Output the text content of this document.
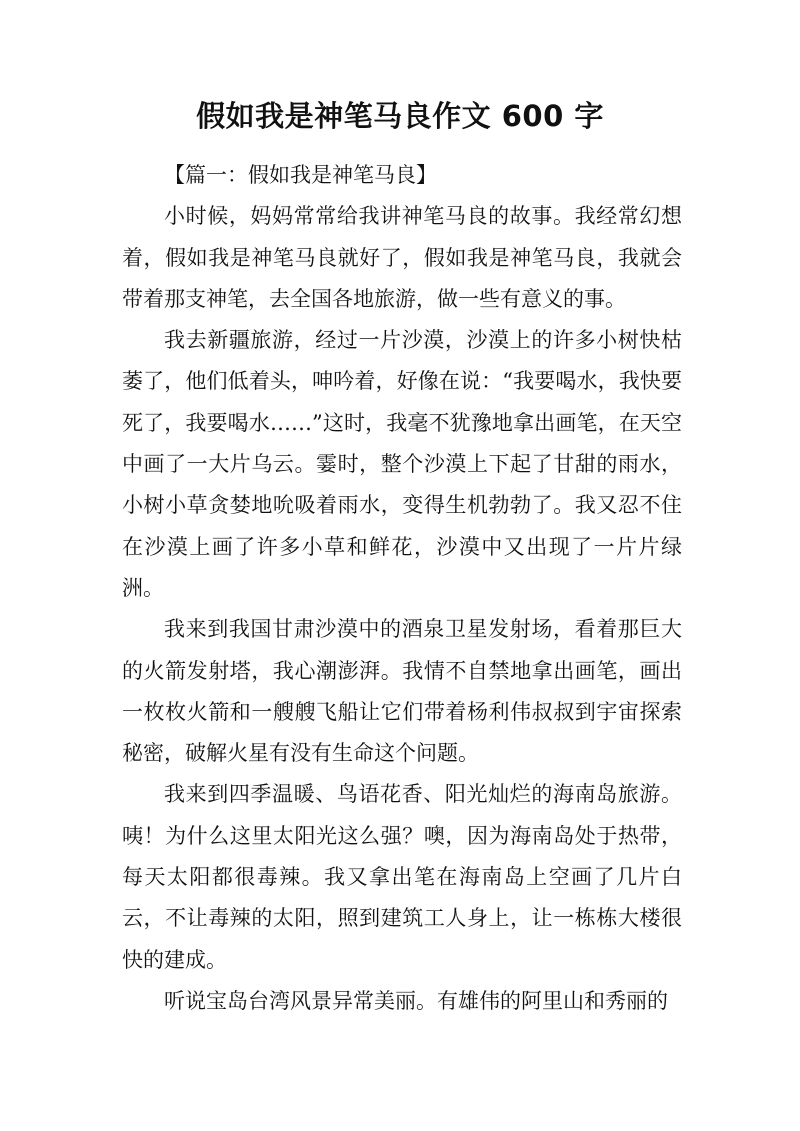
假如我是神笔马良作文 600 字

【篇一：假如我是神笔马良】

小时候，妈妈常常给我讲神笔马良的故事。我经常幻想着，假如我是神笔马良就好了，假如我是神笔马良，我就会带着那支神笔，去全国各地旅游，做一些有意义的事。

我去新疆旅游，经过一片沙漠，沙漠上的许多小树快枯萎了，他们低着头，呻吟着，好像在说：“我要喝水，我快要死了，我要喝水……”这时，我毫不犹豫地拿出画笔，在天空中画了一大片乌云。霎时，整个沙漠上下起了甘甜的雨水，小树小草贪婪地吮吸着雨水，变得生机勃勃了。我又忍不住在沙漠上画了许多小草和鲜花，沙漠中又出现了一片片绿洲。

我来到我国甘肃沙漠中的酒泉卫星发射场，看着那巨大的火箭发射塔，我心潮澎湃。我情不自禁地拿出画笔，画出一枚枚火箭和一艘艘飞船让它们带着杨利伟叔叔到宇宙探索秘密，破解火星有没有生命这个问题。

我来到四季温暖、鸟语花香、阳光灿烂的海南岛旅游。咦！为什么这里太阳光这么强？噢，因为海南岛处于热带，每天太阳都很毒辣。我又拿出笔在海南岛上空画了几片白云，不让毒辣的太阳，照到建筑工人身上，让一栋栋大楼很快的建成。

听说宝岛台湾风景异常美丽。有雄伟的阿里山和秀丽的
